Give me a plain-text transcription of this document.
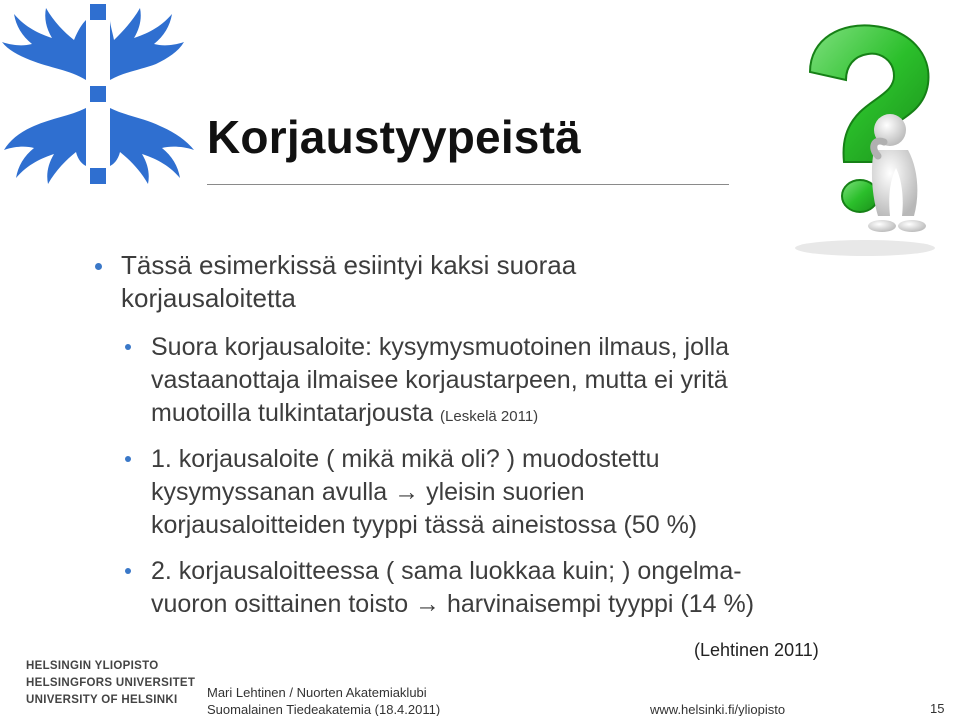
Korjaustyypeistä
Tässä esimerkissä esiintyi kaksi suoraa
korjausaloitetta
Suora korjausaloite: kysymysmuotoinen ilmaus, jolla
vastaanottaja ilmaisee korjaustarpeen, mutta ei yritä
muotoilla tulkintatarjousta (Leskelä 2011)
1. korjausaloite ( mikä mikä oli? ) muodostettu
kysymyssanan avulla → yleisin suorien
korjausaloitteiden tyyppi tässä aineistossa (50 %)
2. korjausaloitteessa ( sama luokkaa kuin; ) ongelma-
vuoron osittainen toisto → harvinaisempi tyyppi (14 %)
(Lehtinen 2011)
HELSINGIN YLIOPISTO
HELSINGFORS UNIVERSITET
UNIVERSITY OF HELSINKI	Mari Lehtinen / Nuorten Akatemiaklubi
Suomalainen Tiedeakatemia (18.4.2011)	www.helsinki.fi/yliopisto	15
